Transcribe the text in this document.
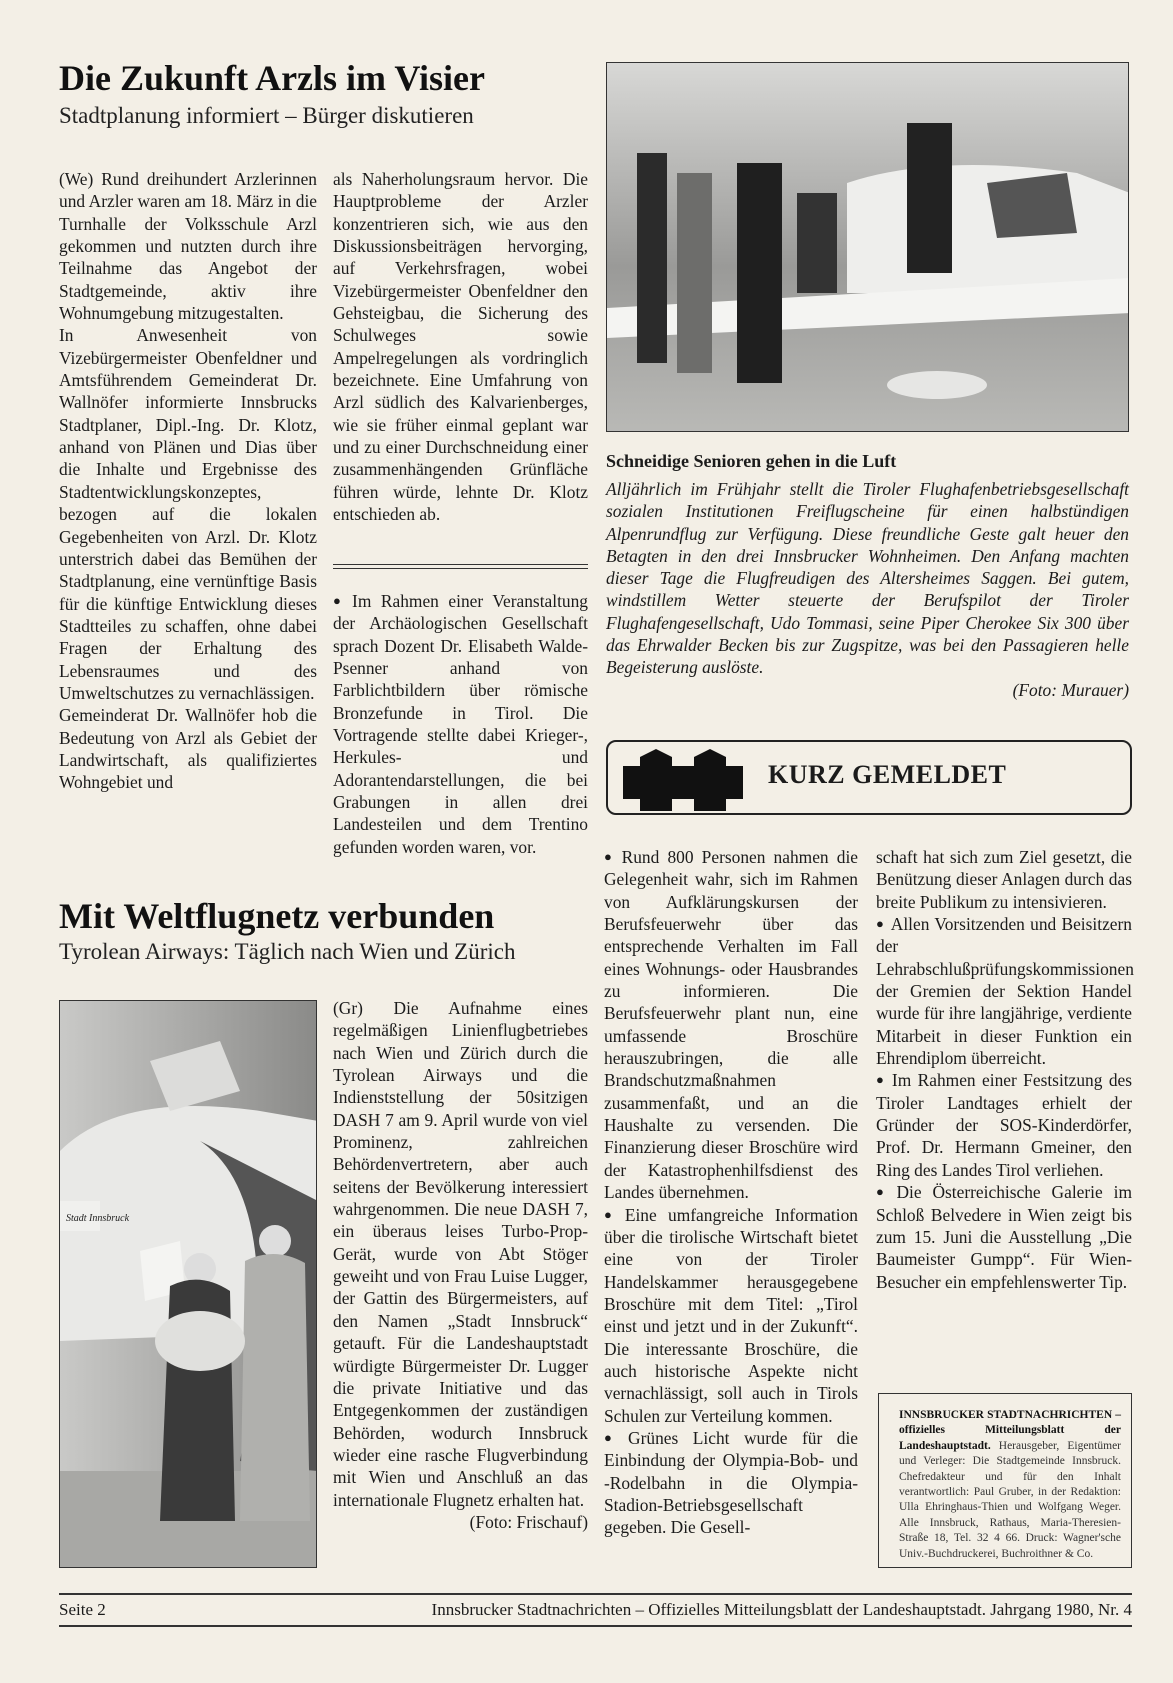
Die Zukunft Arzls im Visier
Stadtplanung informiert – Bürger diskutieren

(We) Rund dreihundert Arzlerinnen und Arzler waren am 18. März in die Turnhalle der Volksschule Arzl gekommen und nutzten durch ihre Teilnahme das Angebot der Stadtgemeinde, aktiv ihre Wohnumgebung mitzugestalten.

In Anwesenheit von Vizebürgermeister Obenfeldner und Amtsführendem Gemeinderat Dr. Wallnöfer informierte Innsbrucks Stadtplaner, Dipl.-Ing. Dr. Klotz, anhand von Plänen und Dias über die Inhalte und Ergebnisse des Stadtentwicklungskonzeptes, bezogen auf die lokalen Gegebenheiten von Arzl. Dr. Klotz unterstrich dabei das Bemühen der Stadtplanung, eine vernünftige Basis für die künftige Entwicklung dieses Stadtteiles zu schaffen, ohne dabei Fragen der Erhaltung des Lebensraumes und des Umweltschutzes zu vernachlässigen.

Gemeinderat Dr. Wallnöfer hob die Bedeutung von Arzl als Gebiet der Landwirtschaft, als qualifiziertes Wohngebiet und

als Naherholungsraum hervor. Die Hauptprobleme der Arzler konzentrieren sich, wie aus den Diskussionsbeiträgen hervorging, auf Verkehrsfragen, wobei Vizebürgermeister Obenfeldner den Gehsteigbau, die Sicherung des Schulweges sowie Ampelregelungen als vordringlich bezeichnete. Eine Umfahrung von Arzl südlich des Kalvarienberges, wie sie früher einmal geplant war und zu einer Durchschneidung einer zusammenhängenden Grünfläche führen würde, lehnte Dr. Klotz entschieden ab.

● Im Rahmen einer Veranstaltung der Archäologischen Gesellschaft sprach Dozent Dr. Elisabeth Walde-Psenner anhand von Farblichtbildern über römische Bronzefunde in Tirol. Die Vortragende stellte dabei Krieger-, Herkules- und Adorantendarstellungen, die bei Grabungen in allen drei Landesteilen und dem Trentino gefunden worden waren, vor.

Schneidige Senioren gehen in die Luft
Alljährlich im Frühjahr stellt die Tiroler Flughafenbetriebsgesellschaft sozialen Institutionen Freiflugscheine für einen halbstündigen Alpenrundflug zur Verfügung. Diese freundliche Geste galt heuer den Betagten in den drei Innsbrucker Wohnheimen. Den Anfang machten dieser Tage die Flugfreudigen des Altersheimes Saggen. Bei gutem, windstillem Wetter steuerte der Berufspilot der Tiroler Flughafengesellschaft, Udo Tommasi, seine Piper Cherokee Six 300 über das Ehrwalder Becken bis zur Zugspitze, was bei den Passagieren helle Begeisterung auslöste.
(Foto: Murauer)
KURZ GEMELDET

● Rund 800 Personen nahmen die Gelegenheit wahr, sich im Rahmen von Aufklärungskursen der Berufsfeuerwehr über das entsprechende Verhalten im Fall eines Wohnungs- oder Hausbrandes zu informieren. Die Berufsfeuerwehr plant nun, eine umfassende Broschüre herauszubringen, die alle Brandschutzmaßnahmen zusammenfaßt, und an die Haushalte zu versenden. Die Finanzierung dieser Broschüre wird der Katastrophenhilfsdienst des Landes übernehmen.

● Eine umfangreiche Information über die tirolische Wirtschaft bietet eine von der Tiroler Handelskammer herausgegebene Broschüre mit dem Titel: „Tirol einst und jetzt und in der Zukunft“. Die interessante Broschüre, die auch historische Aspekte nicht vernachlässigt, soll auch in Tirols Schulen zur Verteilung kommen.

● Grünes Licht wurde für die Einbindung der Olympia-Bob- und -Rodelbahn in die Olympia-Stadion-Betriebsgesellschaft gegeben. Die Gesell-

schaft hat sich zum Ziel gesetzt, die Benützung dieser Anlagen durch das breite Publikum zu intensivieren.

● Allen Vorsitzenden und Beisitzern der Lehrabschlußprüfungskommissionen der Gremien der Sektion Handel wurde für ihre langjährige, verdiente Mitarbeit in dieser Funktion ein Ehrendiplom überreicht.

● Im Rahmen einer Festsitzung des Tiroler Landtages erhielt der Gründer der SOS-Kinderdörfer, Prof. Dr. Hermann Gmeiner, den Ring des Landes Tirol verliehen.

● Die Österreichische Galerie im Schloß Belvedere in Wien zeigt bis zum 15. Juni die Ausstellung „Die Baumeister Gumpp“. Für Wien-Besucher ein empfehlenswerter Tip.

INNSBRUCKER STADTNACHRICHTEN – offizielles Mitteilungsblatt der Landeshauptstadt. Herausgeber, Eigentümer und Verleger: Die Stadtgemeinde Innsbruck. Chefredakteur und für den Inhalt verantwortlich: Paul Gruber, in der Redaktion: Ulla Ehringhaus-Thien und Wolfgang Weger. Alle Innsbruck, Rathaus, Maria-Theresien-Straße 18, Tel. 32 4 66. Druck: Wagner'sche Univ.-Buchdruckerei, Buchroithner & Co.
Mit Weltflugnetz verbunden
Tyrolean Airways: Täglich nach Wien und Zürich
Stadt Innsbruck

(Gr) Die Aufnahme eines regelmäßigen Linienflugbetriebes nach Wien und Zürich durch die Tyrolean Airways und die Indienststellung der 50sitzigen DASH 7 am 9. April wurde von viel Prominenz, zahlreichen Behördenvertretern, aber auch seitens der Bevölkerung interessiert wahrgenommen. Die neue DASH 7, ein überaus leises Turbo-Prop-Gerät, wurde von Abt Stöger geweiht und von Frau Luise Lugger, der Gattin des Bürgermeisters, auf den Namen „Stadt Innsbruck“ getauft. Für die Landeshauptstadt würdigte Bürgermeister Dr. Lugger die private Initiative und das Entgegenkommen der zuständigen Behörden, wodurch Innsbruck wieder eine rasche Flugverbindung mit Wien und Anschluß an das internationale Flugnetz erhalten hat.

(Foto: Frischauf)
Seite 2	Innsbrucker Stadtnachrichten – Offizielles Mitteilungsblatt der Landeshauptstadt. Jahrgang 1980, Nr. 4
